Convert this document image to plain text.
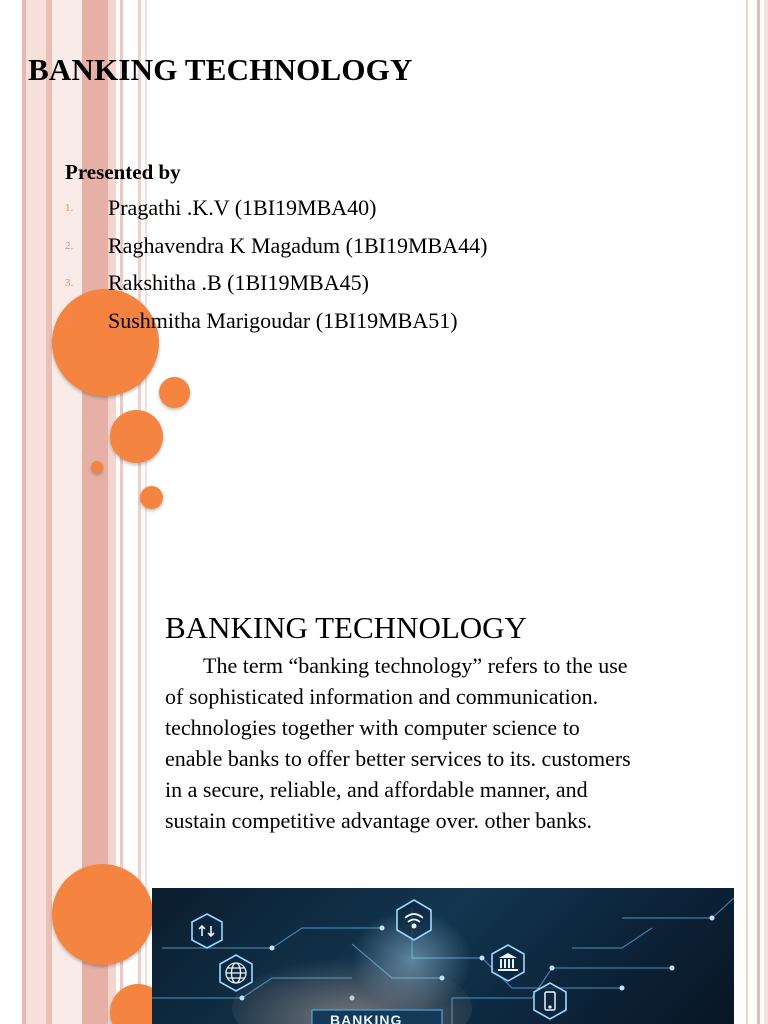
BANKING TECHNOLOGY
Presented by
1. Pragathi .K.V (1BI19MBA40)
2. Raghavendra K Magadum (1BI19MBA44)
3. Rakshitha .B (1BI19MBA45)
4. Sushmitha Marigoudar (1BI19MBA51)
BANKING TECHNOLOGY

The term “banking technology” refers to the use of sophisticated information and communication. technologies together with computer science to enable banks to offer better services to its. customers in a secure, reliable, and affordable manner, and sustain competitive advantage over. other banks.

BANKING
